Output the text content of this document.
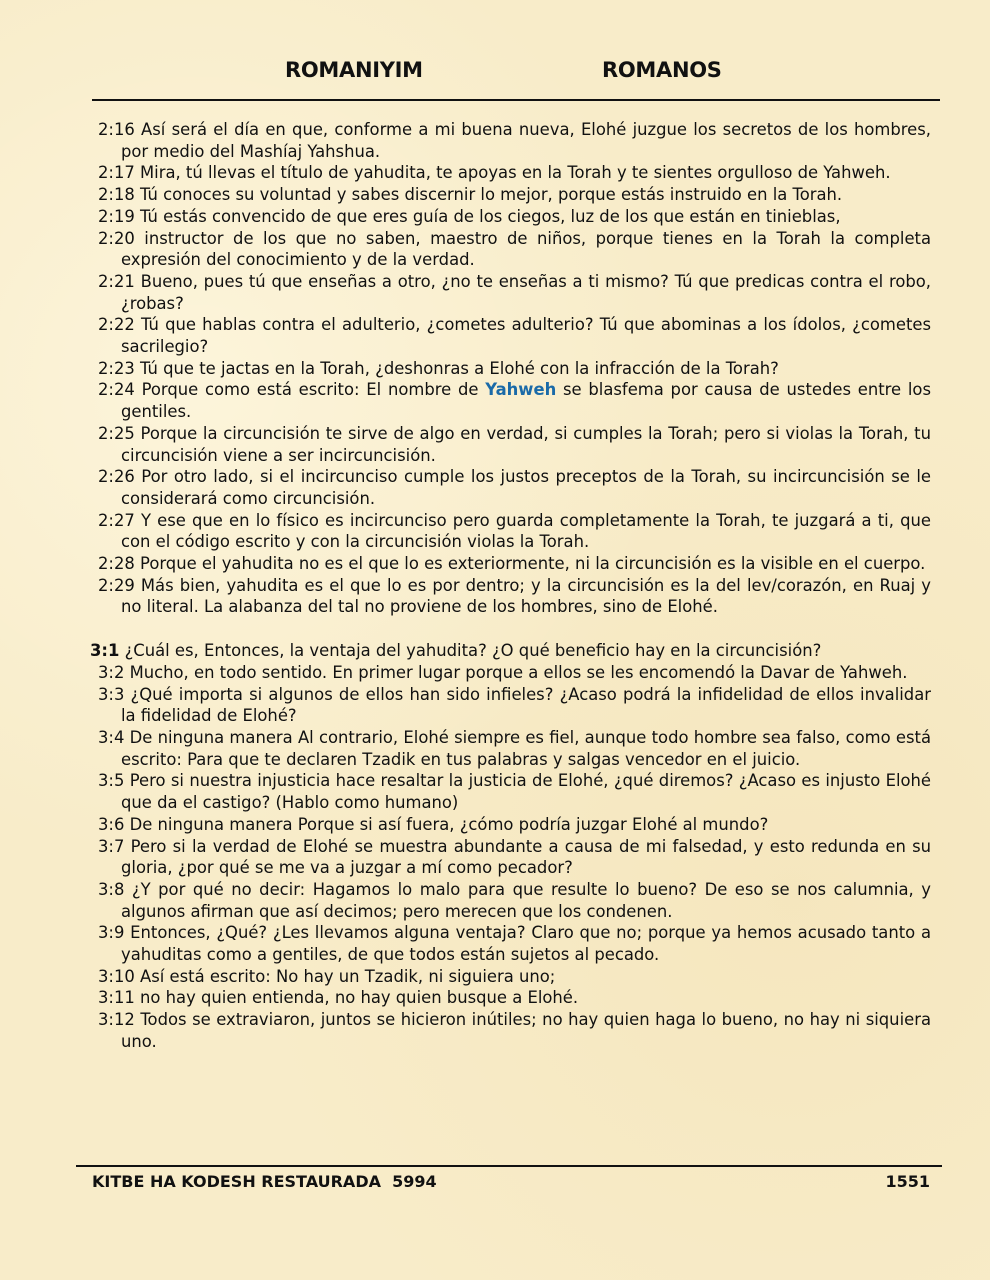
ROMANIYIM	ROMANOS

2:16 Así será el día en que, conforme a mi buena nueva, Elohé juzgue los secretos de los hombres, por medio del Mashíaj Yahshua.

2:17 Mira, tú llevas el título de yahudita, te apoyas en la Torah y te sientes orgulloso de Yahweh.

2:18 Tú conoces su voluntad y sabes discernir lo mejor, porque estás instruido en la Torah.

2:19 Tú estás convencido de que eres guía de los ciegos, luz de los que están en tinieblas,

2:20 instructor de los que no saben, maestro de niños, porque tienes en la Torah la completa expresión del conocimiento y de la verdad.

2:21 Bueno, pues tú que enseñas a otro, ¿no te enseñas a ti mismo? Tú que predicas contra el robo, ¿robas?

2:22 Tú que hablas contra el adulterio, ¿cometes adulterio? Tú que abominas a los ídolos, ¿cometes sacrilegio?

2:23 Tú que te jactas en la Torah, ¿deshonras a Elohé con la infracción de la Torah?

2:24 Porque como está escrito: El nombre de Yahweh se blasfema por causa de ustedes entre los gentiles.

2:25 Porque la circuncisión te sirve de algo en verdad, si cumples la Torah; pero si violas la Torah, tu circuncisión viene a ser incircuncisión.

2:26 Por otro lado, si el incircunciso cumple los justos preceptos de la Torah, su incircuncisión se le considerará como circuncisión.

2:27 Y ese que en lo físico es incircunciso pero guarda completamente la Torah, te juzgará a ti, que con el código escrito y con la circuncisión violas la Torah.

2:28 Porque el yahudita no es el que lo es exteriormente, ni la circuncisión es la visible en el cuerpo.

2:29 Más bien, yahudita es el que lo es por dentro; y la circuncisión es la del lev/corazón, en Ruaj y no literal. La alabanza del tal no proviene de los hombres, sino de Elohé.

3:1 ¿Cuál es, Entonces, la ventaja del yahudita? ¿O qué beneficio hay en la circuncisión?

3:2 Mucho, en todo sentido. En primer lugar porque a ellos se les encomendó la Davar de Yahweh.

3:3 ¿Qué importa si algunos de ellos han sido infieles? ¿Acaso podrá la infidelidad de ellos invalidar la fidelidad de Elohé?

3:4 De ninguna manera Al contrario, Elohé siempre es fiel, aunque todo hombre sea falso, como está escrito: Para que te declaren Tzadik en tus palabras y salgas vencedor en el juicio.

3:5 Pero si nuestra injusticia hace resaltar la justicia de Elohé, ¿qué diremos? ¿Acaso es injusto Elohé que da el castigo? (Hablo como humano)

3:6 De ninguna manera Porque si así fuera, ¿cómo podría juzgar Elohé al mundo?

3:7 Pero si la verdad de Elohé se muestra abundante a causa de mi falsedad, y esto redunda en su gloria, ¿por qué se me va a juzgar a mí como pecador?

3:8 ¿Y por qué no decir: Hagamos lo malo para que resulte lo bueno? De eso se nos calumnia, y algunos afirman que así decimos; pero merecen que los condenen.

3:9 Entonces, ¿Qué? ¿Les llevamos alguna ventaja? Claro que no; porque ya hemos acusado tanto a yahuditas como a gentiles, de que todos están sujetos al pecado.

3:10 Así está escrito: No hay un Tzadik, ni siguiera uno;

3:11 no hay quien entienda, no hay quien busque a Elohé.

3:12 Todos se extraviaron, juntos se hicieron inútiles; no hay quien haga lo bueno, no hay ni siquiera uno.

KITBE HA KODESH RESTAURADA  5994	1551
